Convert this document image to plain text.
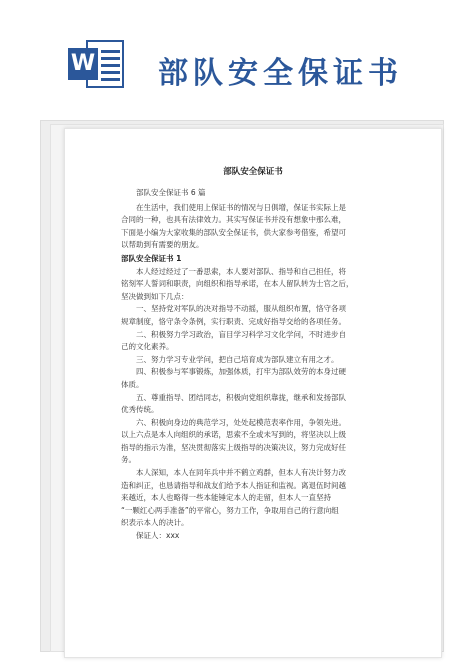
W 部队安全保证书
部队安全保证书

部队安全保证书 6 篇

在生活中，我们使用上保证书的情况与日俱增，保证书实际上是

合同的一种，也具有法律效力。其实写保证书并没有想象中那么难，

下面是小编为大家收集的部队安全保证书，供大家参考借鉴，希望可

以帮助到有需要的朋友。

部队安全保证书 1

本人经过经过了一番思索，本人要对部队、指导和自己担任，将

铭刻军人誓词和职责，向组织和指导承诺，在本人留队转为士官之后，

坚决做到如下几点：

一、坚持党对军队的决对指导不动摇，服从组织布置，恪守各项

规章制度，恪守条令条例，实行职责、完成好指导交给的各项任务。

二、积极努力学习政治，盲目学习科学习文化学问，不时进步自

己的文化素养。

三、努力学习专业学问，把自己培育成为部队建立有用之才。

四、积极参与军事锻炼，加强体质，打牢为部队效劳的本身过硬

体质。

五、尊重指导、团结同志，积极向党组织靠拢，继承和发扬部队

优秀传统。

六、积极向身边的典范学习，处处起模范表率作用，争领先进。

以上六点是本人向组织的承诺，思索不全或未写到的，将坚决以上级

指导的指示为准，坚决贯彻落实上级指导的决策决议，努力完成好任

务。

本人深知，本人在同年兵中并不鹤立鸡群，但本人有决计努力改

造和纠正，也恳请指导和战友们给予本人指证和监视。离退伍时间越

来越近，本人也略得一些本能锤定本人的走留，但本人一直坚持

“一颗红心两手准备”的平常心，努力工作，争取用自己的行意向组

织表示本人的决计。

保证人：xxx
